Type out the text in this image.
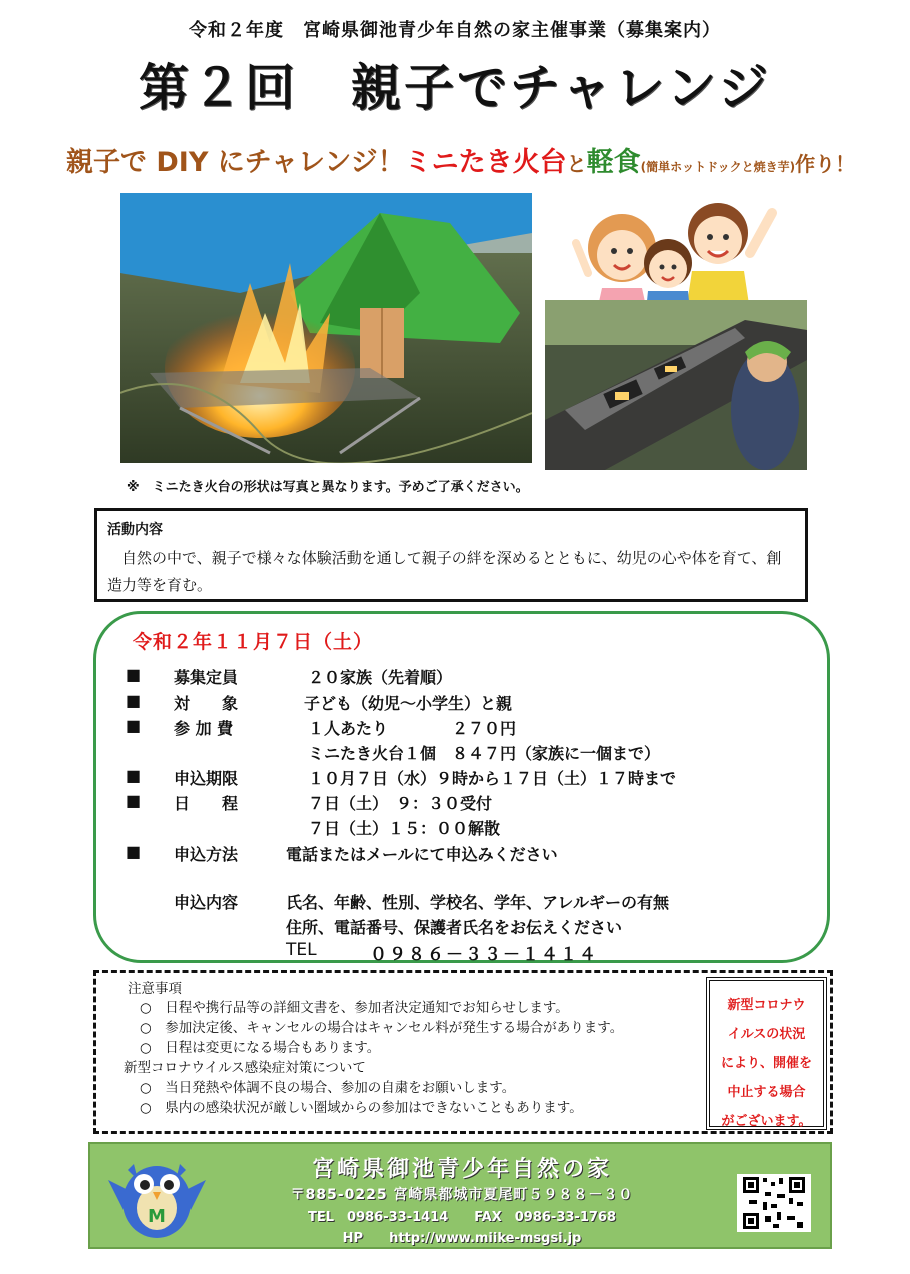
令和２年度　宮崎県御池青少年自然の家主催事業（募集案内）
第２回　親子でチャレンジ
親子で DIY にチャレンジ！ミニたき火台と軽食(簡単ホットドックと焼き芋)作り！
※　ミニたき火台の形状は写真と異なります。予めご了承ください。
活動内容

自然の中で、親子で様々な体験活動を通して親子の絆を深めるとともに、幼児の心や体を育て、創造力等を育む。

令和２年１１月７日（土）
■ 募集定員	２０家族（先着順）
■ 対　　象	子ども（幼児～小学生）と親
■ 参 加 費	１人あたり　　　　２７０円
ミニたき火台１個　８４７円（家族に一個まで）
■ 申込期限	１０月７日（水）９時から１７日（土）１７時まで
■ 日　　程	７日（土）　９：３０受付
７日（土）１５：００解散
■ 申込方法	電話またはメールにて申込みください
申込内容	氏名、年齢、性別、学校名、学年、アレルギーの有無
住所、電話番号、保護者氏名をお伝えください
TEL	０９８６－３３－１４１４
注意事項
○　日程や携行品等の詳細文書を、参加者決定通知でお知らせします。
○　参加決定後、キャンセルの場合はキャンセル料が発生する場合があります。
○　日程は変更になる場合もあります。
新型コロナウイルス感染症対策について
○　当日発熱や体調不良の場合、参加の自粛をお願いします。
○　県内の感染状況が厳しい圏域からの参加はできないこともあります。
新型コロナウ
イルスの状況
により、開催を
中止する場合
がございます。
宮崎県御池青少年自然の家
〒885-0225 宮崎県都城市夏尾町５９８８－３０
TEL　0986-33-1414　　FAX　0986-33-1768
HP　　http://www.miike-msgsi.jp
M
